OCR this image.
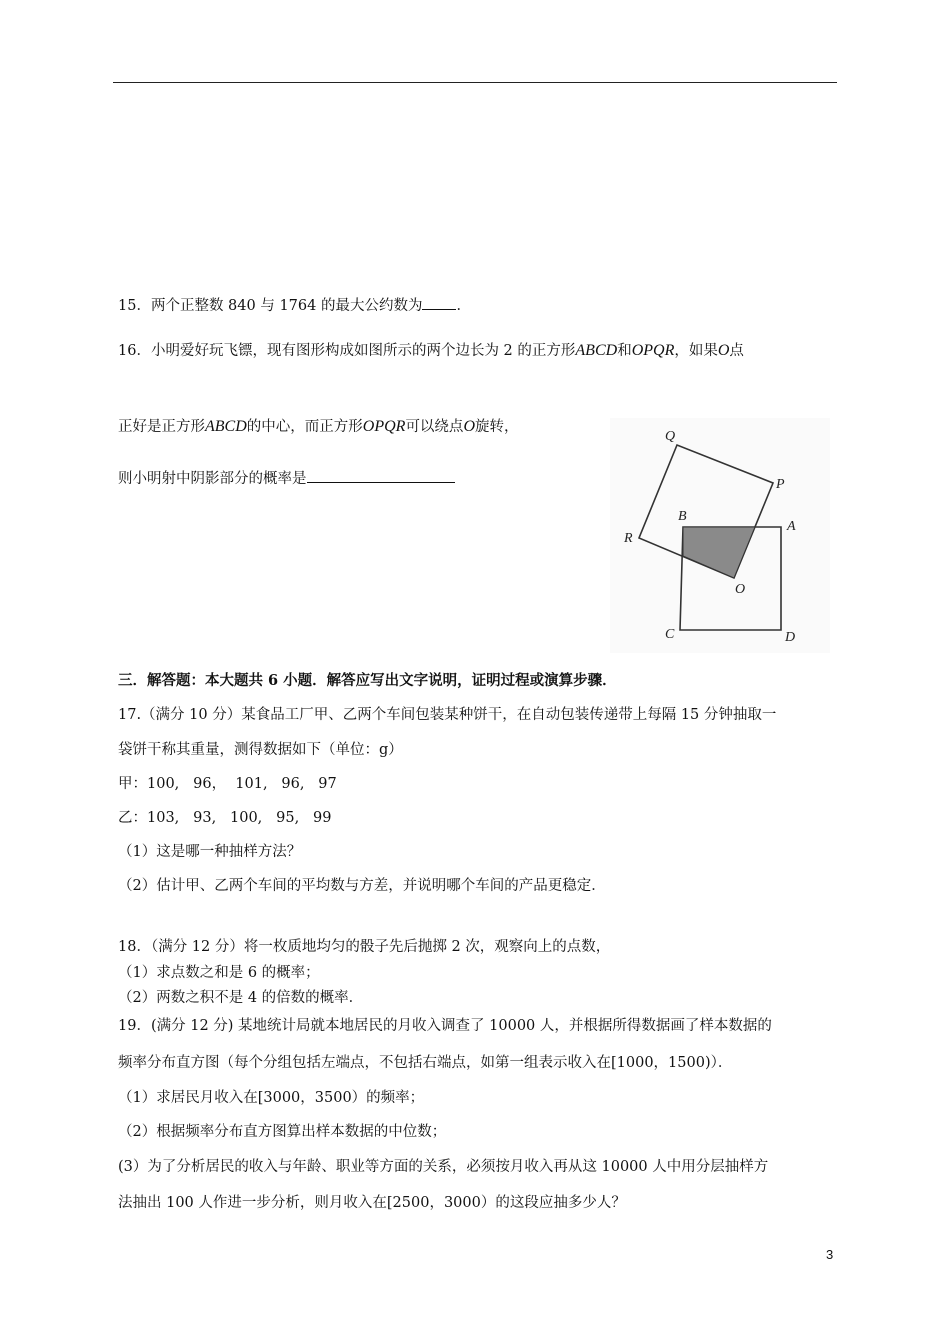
15．两个正整数 840 与 1764 的最大公约数为 ．
16．小明爱好玩飞镖，现有图形构成如图所示的两个边长为 2 的正方形ABCD和OPQR，如果O点
正好是正方形ABCD的中心，而正方形OPQR可以绕点O旋转，
则小明射中阴影部分的概率是
Q
P
B
A
R
O
C	D
三．解答题：本大题共 6 小题．解答应写出文字说明，证明过程或演算步骤．
17.（满分 10 分）某食品工厂甲、乙两个车间包装某种饼干，在自动包装传递带上每隔 15 分钟抽取一
袋饼干称其重量，测得数据如下（单位：g）
甲：100,   96，  101,   96,   97
乙：103,   93,   100,   95,   99
（1）这是哪一种抽样方法？
（2）估计甲、乙两个车间的平均数与方差，并说明哪个车间的产品更稳定．
18．（满分 12 分）将一枚质地均匀的骰子先后抛掷 2 次，观察向上的点数，
（1）求点数之和是 6 的概率；
（2）两数之积不是 4 的倍数的概率．
19．(满分 12 分) 某地统计局就本地居民的月收入调查了 10000 人，并根据所得数据画了样本数据的
频率分布直方图（每个分组包括左端点，不包括右端点，如第一组表示收入在[1000，1500)）．
（1）求居民月收入在[3000，3500）的频率；
（2）根据频率分布直方图算出样本数据的中位数；
(3）为了分析居民的收入与年龄、职业等方面的关系，必须按月收入再从这 10000 人中用分层抽样方
法抽出 100 人作进一步分析，则月收入在[2500，3000）的这段应抽多少人？
3
